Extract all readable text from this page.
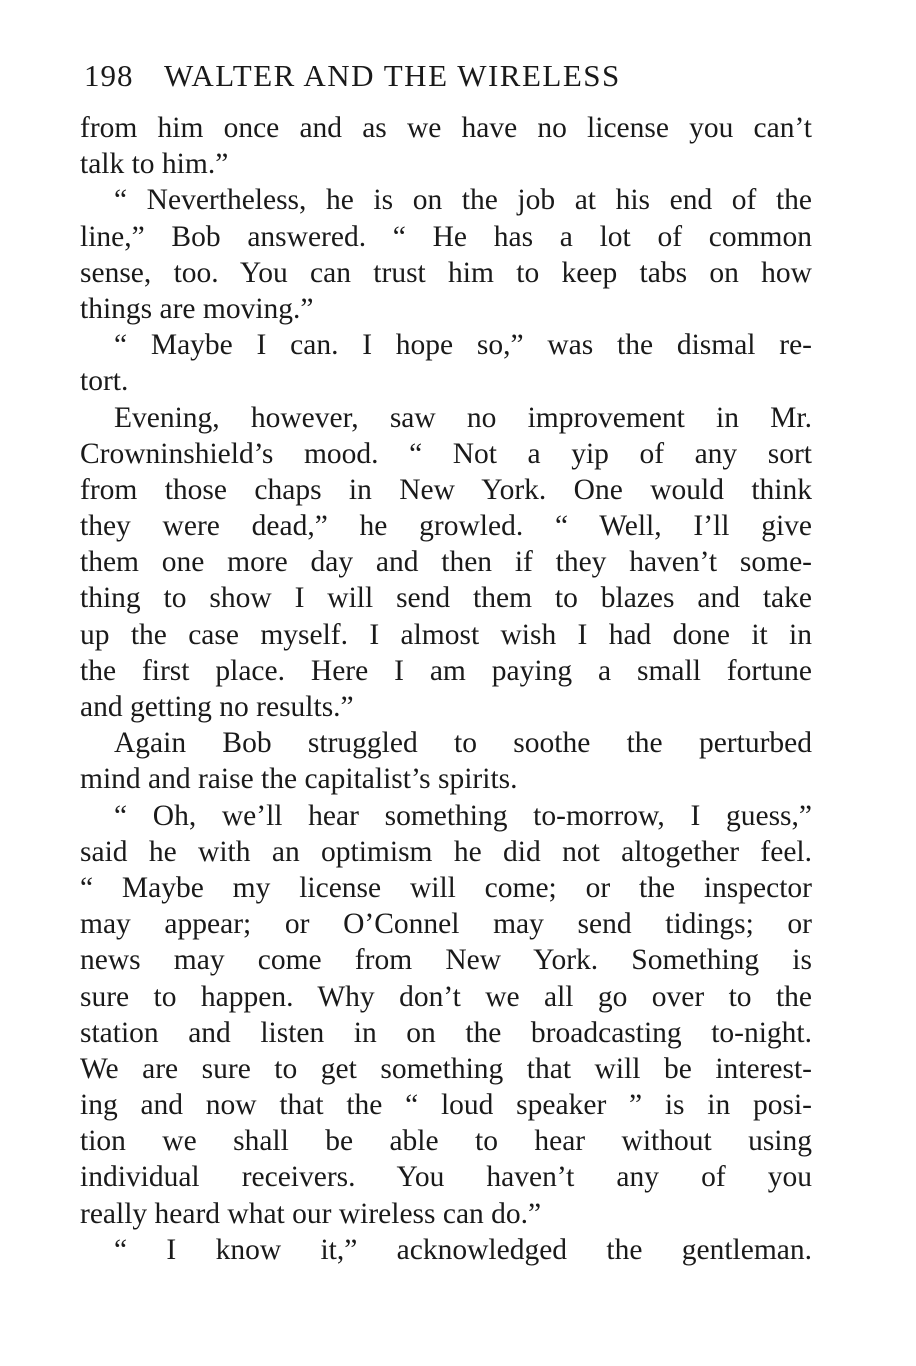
198 WALTER AND THE WIRELESS
from him once and as we have no license you can’t
talk to him.”
“ Nevertheless, he is on the job at his end of the
line,” Bob answered. “ He has a lot of common
sense, too. You can trust him to keep tabs on how
things are moving.”
“ Maybe I can. I hope so,” was the dismal re-
tort.
Evening, however, saw no improvement in Mr.
Crowninshield’s mood. “ Not a yip of any sort
from those chaps in New York. One would think
they were dead,” he growled. “ Well, I’ll give
them one more day and then if they haven’t some-
thing to show I will send them to blazes and take
up the case myself. I almost wish I had done it in
the first place. Here I am paying a small fortune
and getting no results.”
Again Bob struggled to soothe the perturbed
mind and raise the capitalist’s spirits.
“ Oh, we’ll hear something to-morrow, I guess,”
said he with an optimism he did not altogether feel.
“ Maybe my license will come; or the inspector
may appear; or O’Connel may send tidings; or
news may come from New York. Something is
sure to happen. Why don’t we all go over to the
station and listen in on the broadcasting to-night.
We are sure to get something that will be interest-
ing and now that the “ loud speaker ” is in posi-
tion we shall be able to hear without using
individual receivers. You haven’t any of you
really heard what our wireless can do.”
“ I know it,” acknowledged the gentleman.
